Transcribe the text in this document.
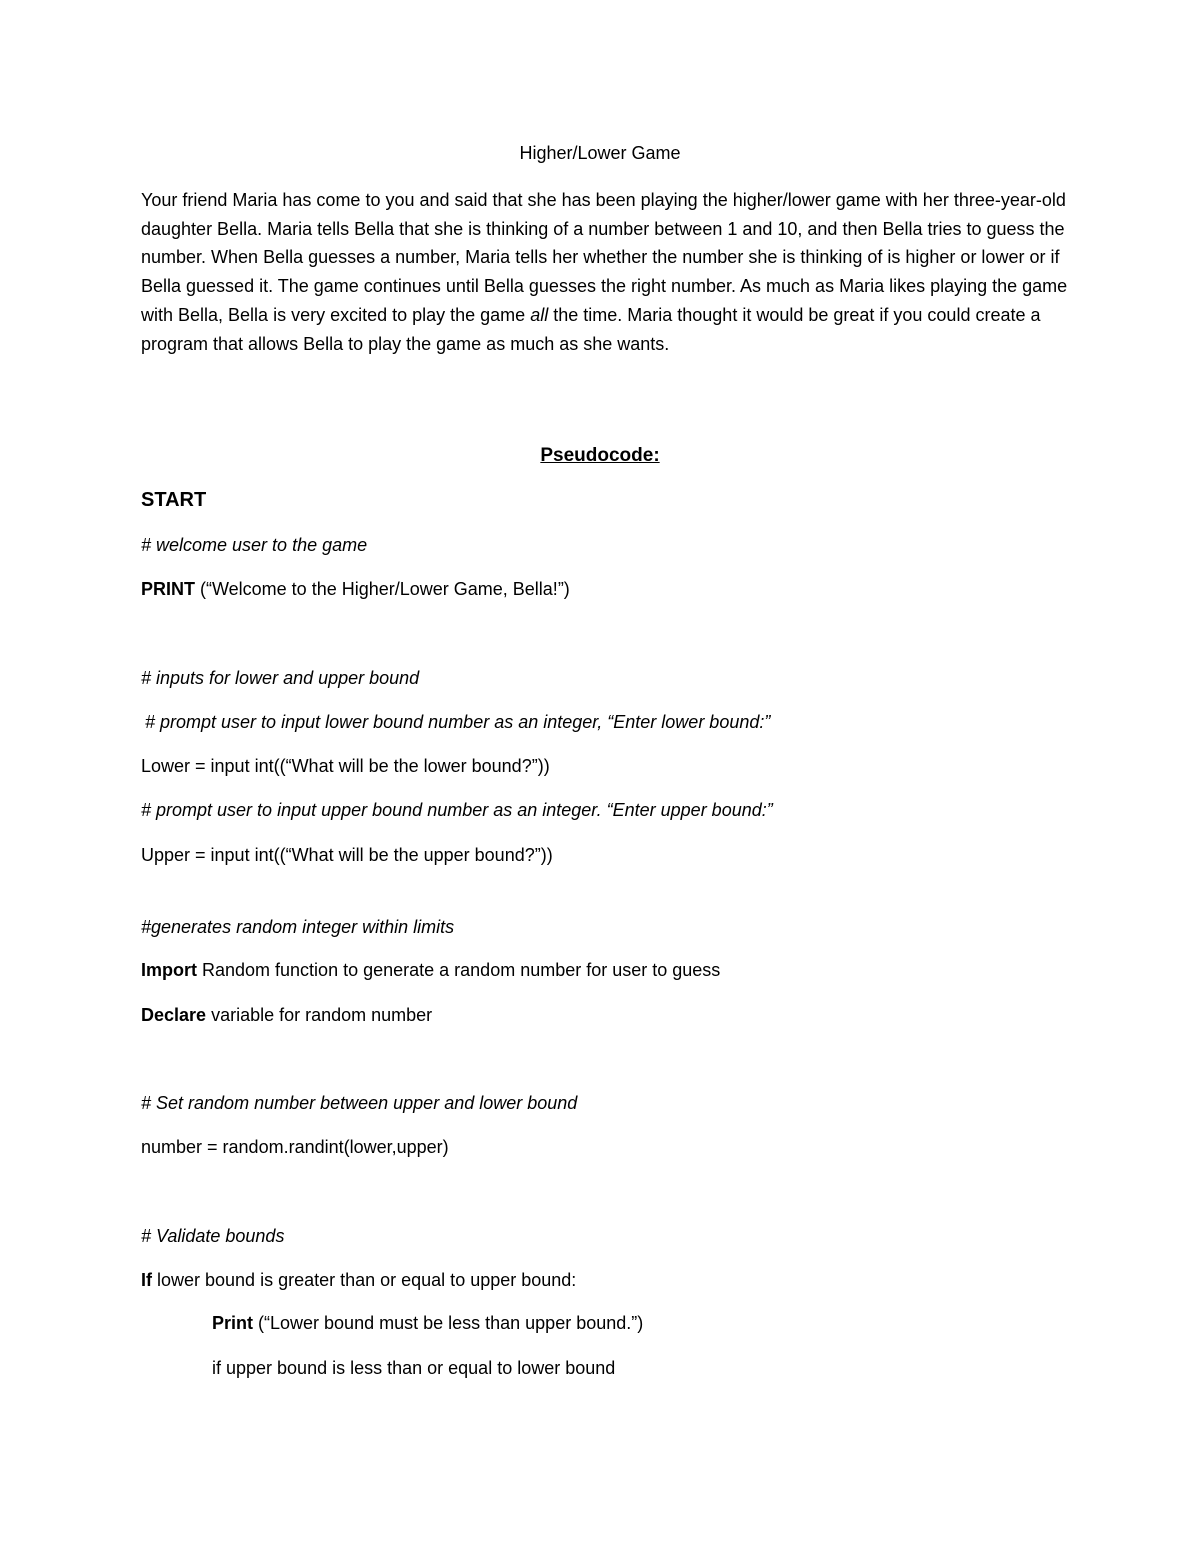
Higher/Lower Game

Your friend Maria has come to you and said that she has been playing the higher/lower game with her three-year-old daughter Bella. Maria tells Bella that she is thinking of a number between 1 and 10, and then Bella tries to guess the number. When Bella guesses a number, Maria tells her whether the number she is thinking of is higher or lower or if Bella guessed it. The game continues until Bella guesses the right number. As much as Maria likes playing the game with Bella, Bella is very excited to play the game all the time. Maria thought it would be great if you could create a program that allows Bella to play the game as much as she wants.

Pseudocode:
START
# welcome user to the game
PRINT (“Welcome to the Higher/Lower Game, Bella!”)
# inputs for lower and upper bound
# prompt user to input lower bound number as an integer, “Enter lower bound:”
Lower = input int((“What will be the lower bound?”))
# prompt user to input upper bound number as an integer. “Enter upper bound:”
Upper = input int((“What will be the upper bound?”))
#generates random integer within limits
Import Random function to generate a random number for user to guess
Declare variable for random number
# Set random number between upper and lower bound
number = random.randint(lower,upper)
# Validate bounds
If lower bound is greater than or equal to upper bound:
Print (“Lower bound must be less than upper bound.”)
if upper bound is less than or equal to lower bound
